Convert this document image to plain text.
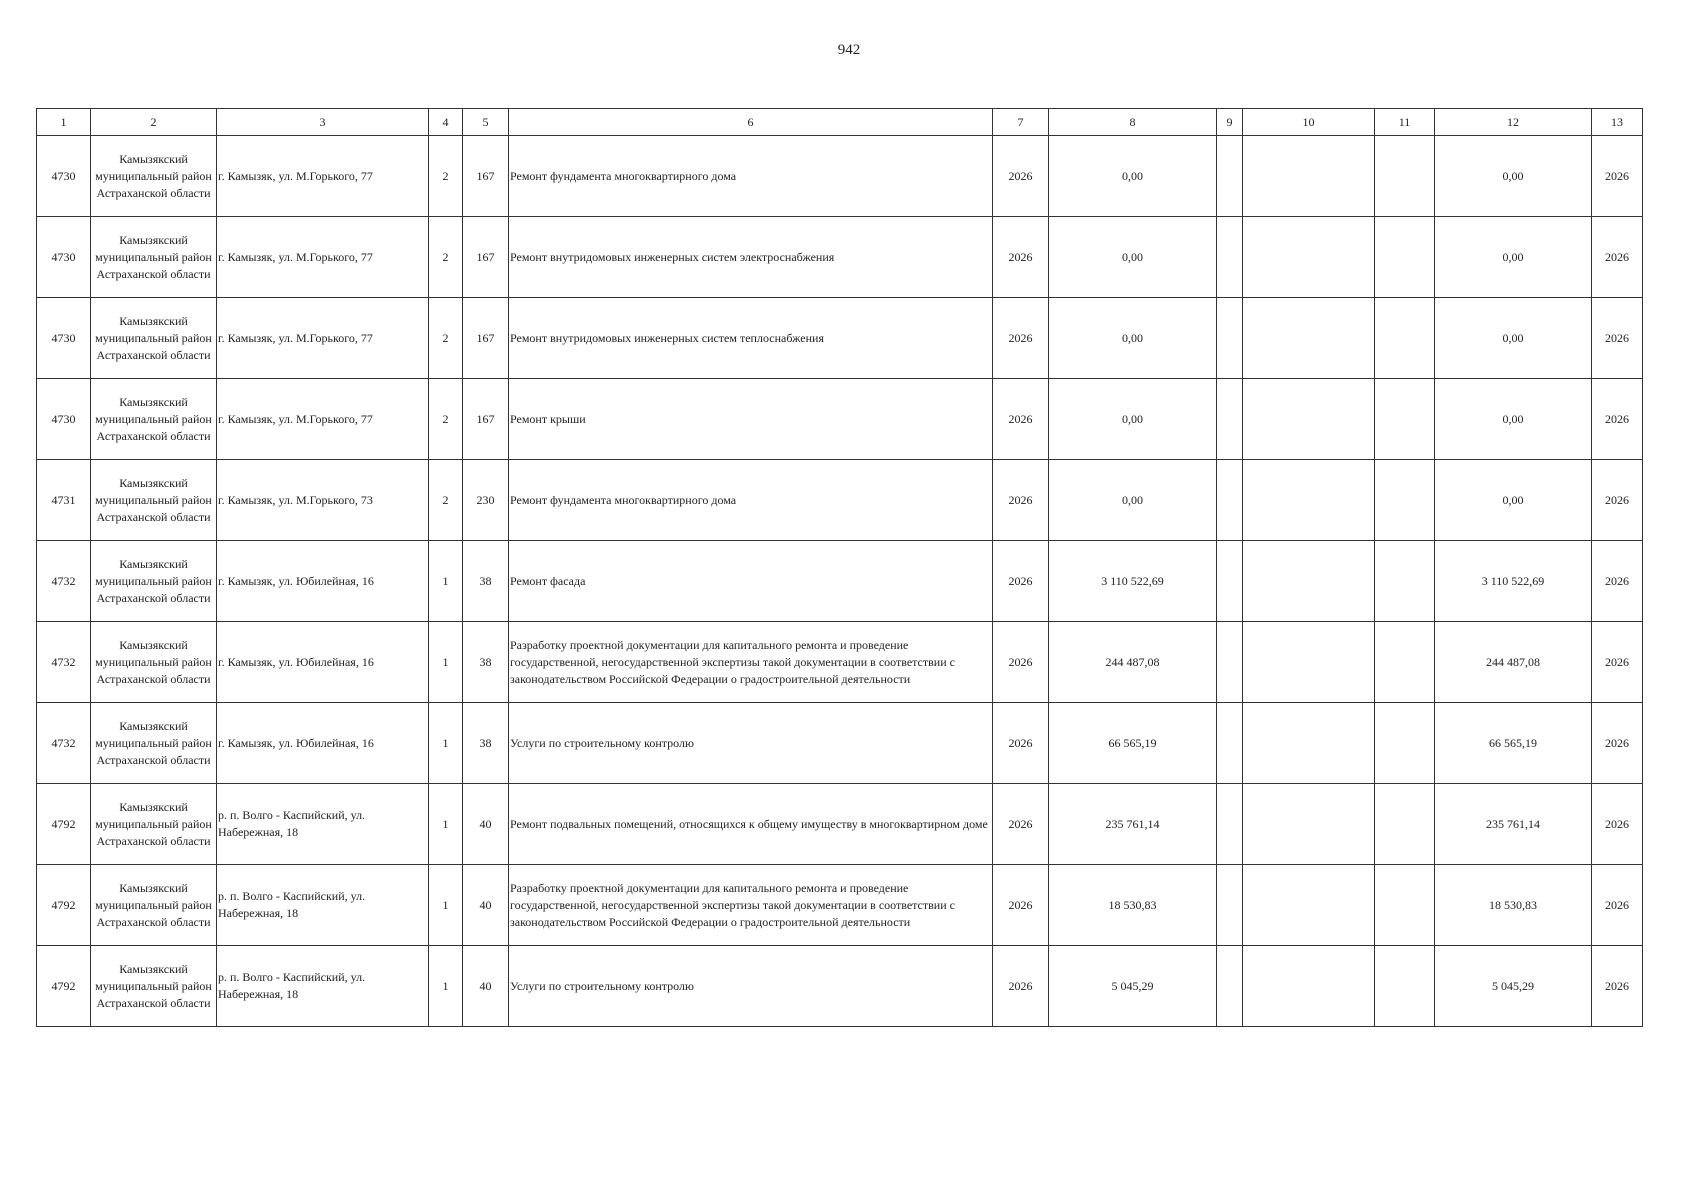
942
1	2	3	4	5	6	7	8	9	10	11	12	13
4730	Камызякский муниципальный район Астраханской области	г. Камызяк, ул. М.Горького, 77	2	167	Ремонт фундамента многоквартирного дома	2026	0,00				0,00	2026
4730	Камызякский муниципальный район Астраханской области	г. Камызяк, ул. М.Горького, 77	2	167	Ремонт внутридомовых инженерных систем электроснабжения	2026	0,00				0,00	2026
4730	Камызякский муниципальный район Астраханской области	г. Камызяк, ул. М.Горького, 77	2	167	Ремонт внутридомовых инженерных систем теплоснабжения	2026	0,00				0,00	2026
4730	Камызякский муниципальный район Астраханской области	г. Камызяк, ул. М.Горького, 77	2	167	Ремонт крыши	2026	0,00				0,00	2026
4731	Камызякский муниципальный район Астраханской области	г. Камызяк, ул. М.Горького, 73	2	230	Ремонт фундамента многоквартирного дома	2026	0,00				0,00	2026
4732	Камызякский муниципальный район Астраханской области	г. Камызяк, ул. Юбилейная, 16	1	38	Ремонт фасада	2026	3 110 522,69				3 110 522,69	2026
4732	Камызякский муниципальный район Астраханской области	г. Камызяк, ул. Юбилейная, 16	1	38	Разработку проектной документации для капитального ремонта и проведение государственной, негосударственной экспертизы такой документации в соответствии с законодательством Российской Федерации о градостроительной деятельности	2026	244 487,08				244 487,08	2026
4732	Камызякский муниципальный район Астраханской области	г. Камызяк, ул. Юбилейная, 16	1	38	Услуги по строительному контролю	2026	66 565,19				66 565,19	2026
4792	Камызякский муниципальный район Астраханской области	р. п. Волго - Каспийский, ул. Набережная, 18	1	40	Ремонт подвальных помещений, относящихся к общему имуществу в многоквартирном доме	2026	235 761,14				235 761,14	2026
4792	Камызякский муниципальный район Астраханской области	р. п. Волго - Каспийский, ул. Набережная, 18	1	40	Разработку проектной документации для капитального ремонта и проведение государственной, негосударственной экспертизы такой документации в соответствии с законодательством Российской Федерации о градостроительной деятельности	2026	18 530,83				18 530,83	2026
4792	Камызякский муниципальный район Астраханской области	р. п. Волго - Каспийский, ул. Набережная, 18	1	40	Услуги по строительному контролю	2026	5 045,29				5 045,29	2026
